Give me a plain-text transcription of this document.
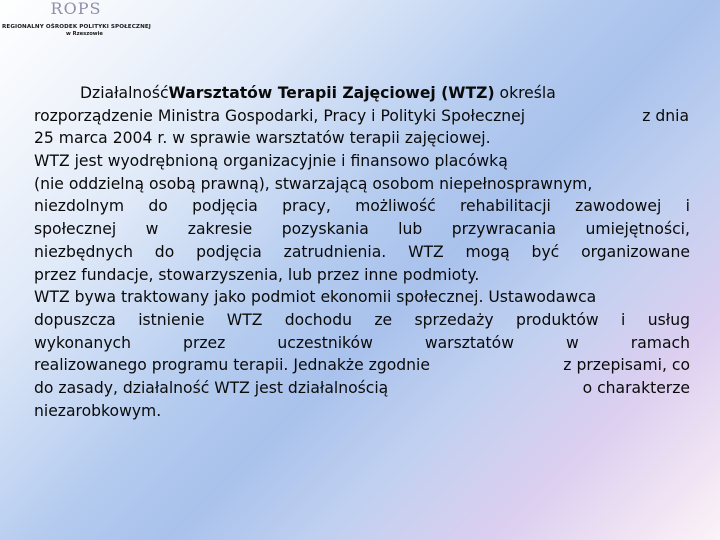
ROPS
REGIONALNY OŚRODEK POLITYKI SPOŁECZNEJ
w Rzeszowie
Działalność Warsztatów Terapii Zajęciowej (WTZ) określa
rozporządzenie Ministra Gospodarki, Pracy i Polityki Społecznej	z dnia
25 marca 2004 r. w sprawie warsztatów terapii zajęciowej.
WTZ jest wyodrębnioną organizacyjnie i finansowo placówką
(nie oddzielną osobą prawną), stwarzającą osobom niepełnosprawnym,
niezdolnym do podjęcia pracy, możliwość rehabilitacji zawodowej i
społecznej w zakresie pozyskania lub przywracania umiejętności,
niezbędnych do podjęcia zatrudnienia. WTZ mogą być organizowane
przez fundacje, stowarzyszenia, lub przez inne podmioty.
WTZ bywa traktowany jako podmiot ekonomii społecznej. Ustawodawca
dopuszcza istnienie WTZ dochodu ze sprzedaży produktów i usług
wykonanych	przez	uczestników	warsztatów	w	ramach
realizowanego programu terapii. Jednakże zgodnie	z przepisami, co
do zasady, działalność WTZ jest działalnością	o charakterze
niezarobkowym.
